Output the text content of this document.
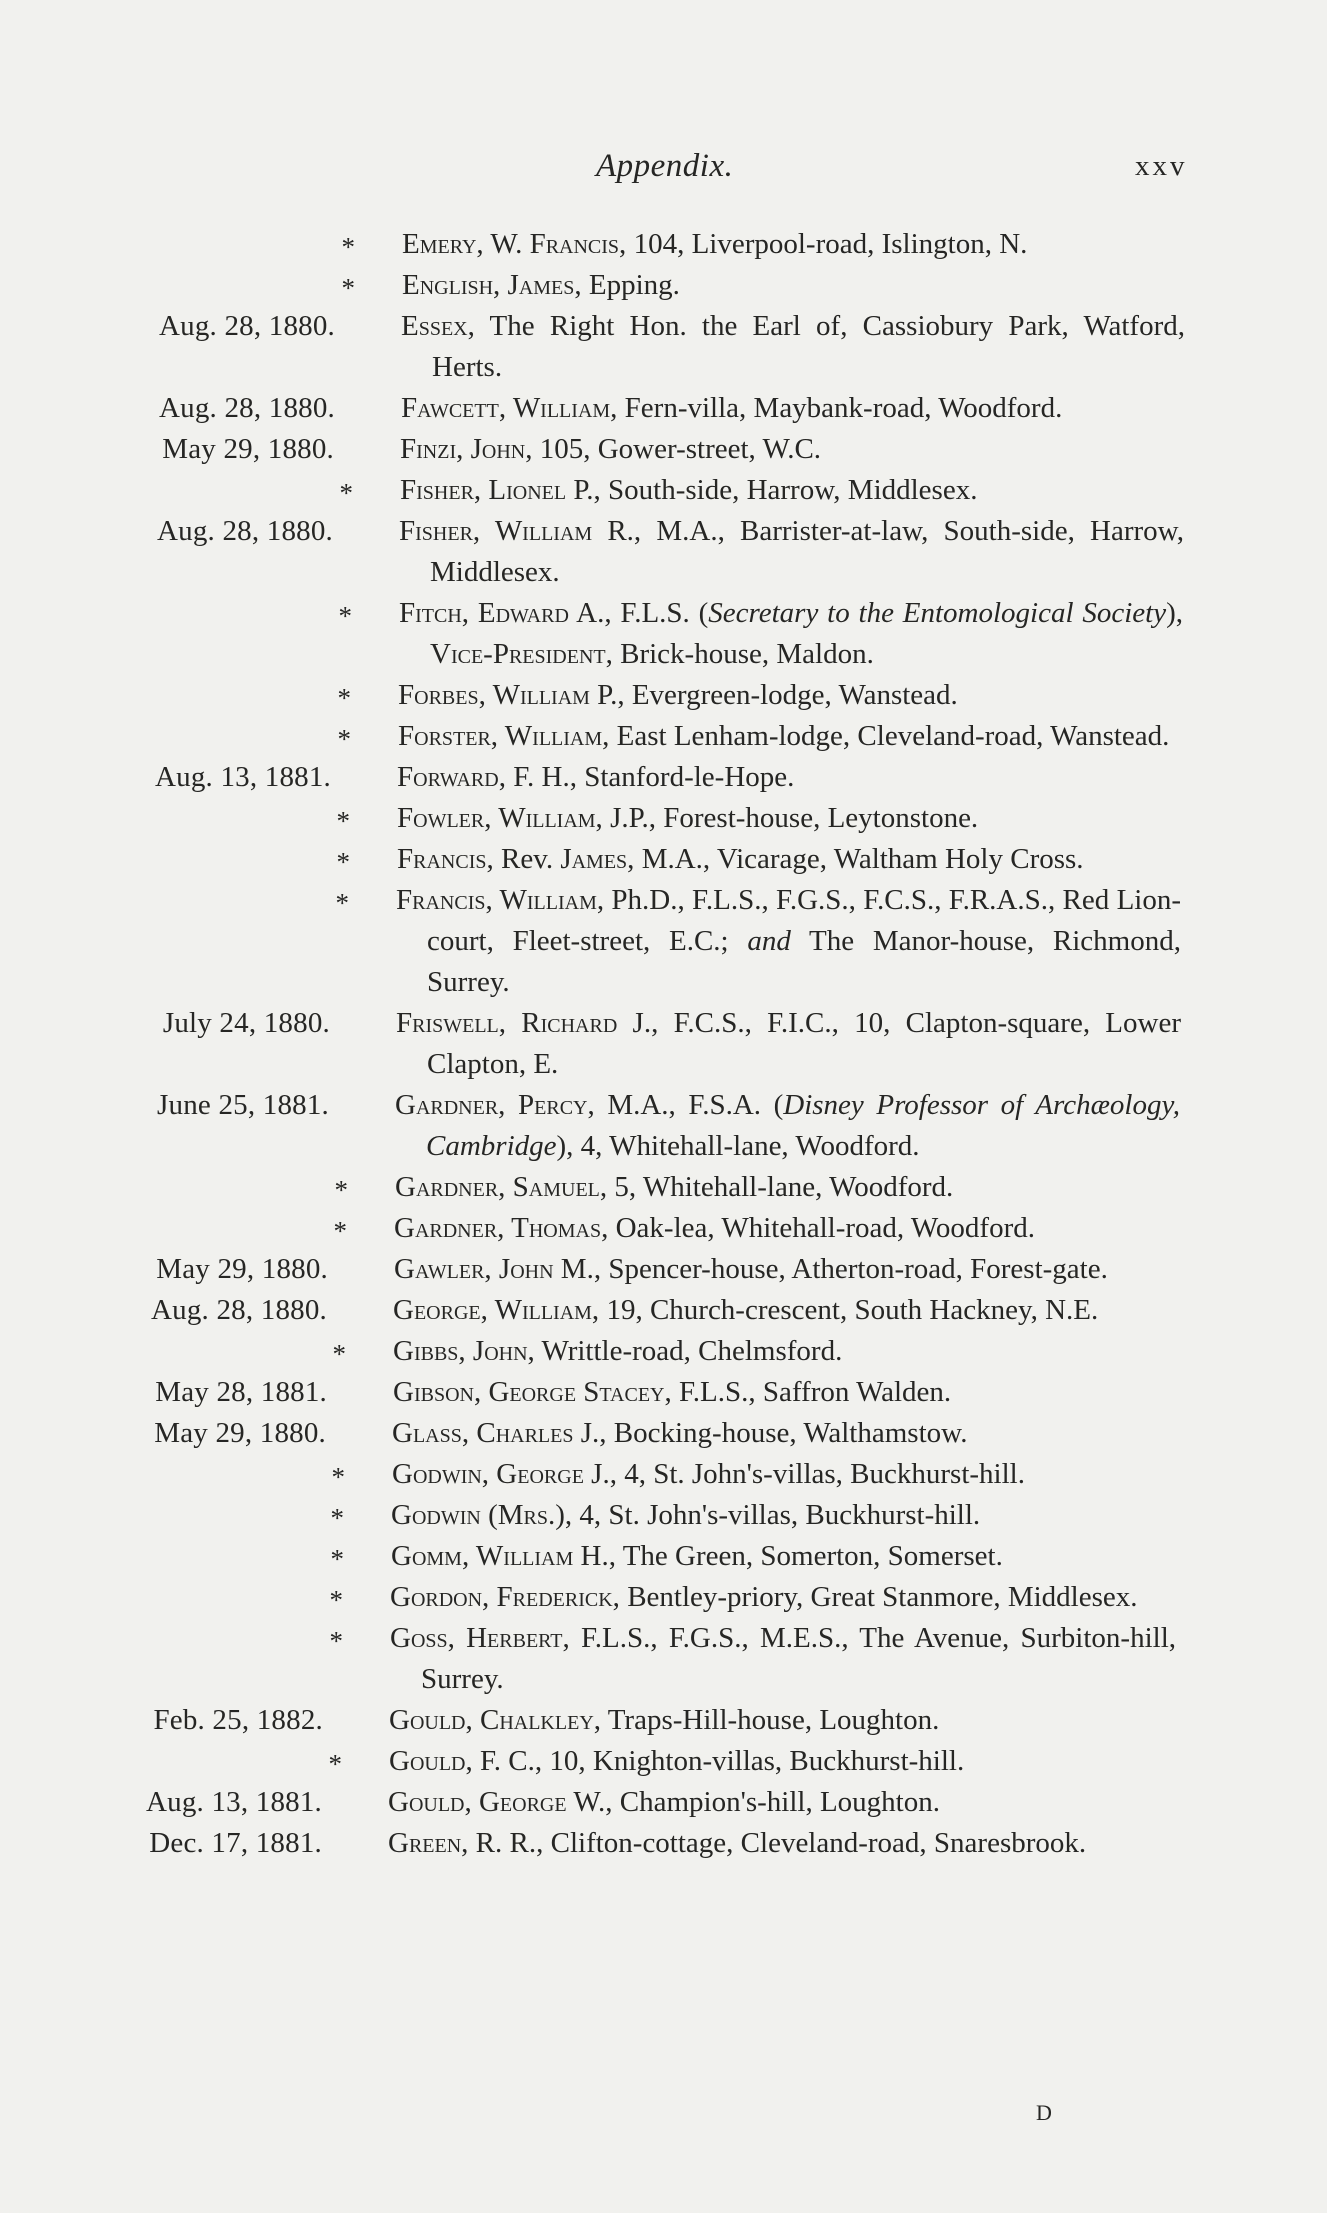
Appendix.	xxv
* Emery, W. Francis, 104, Liverpool-road, Islington, N.
* English, James, Epping.
Aug. 28, 1880. Essex, The Right Hon. the Earl of, Cassiobury Park, Watford, Herts.
Aug. 28, 1880. Fawcett, William, Fern-villa, Maybank-road, Woodford.
May 29, 1880. Finzi, John, 105, Gower-street, W.C.
* Fisher, Lionel P., South-side, Harrow, Middlesex.
Aug. 28, 1880. Fisher, William R., M.A., Barrister-at-law, South-side, Harrow, Middlesex.
* Fitch, Edward A., F.L.S. (Secretary to the Entomological Society), Vice-President, Brick-house, Maldon.
* Forbes, William P., Evergreen-lodge, Wanstead.
* Forster, William, East Lenham-lodge, Cleveland-road, Wanstead.
Aug. 13, 1881. Forward, F. H., Stanford-le-Hope.
* Fowler, William, J.P., Forest-house, Leytonstone.
* Francis, Rev. James, M.A., Vicarage, Waltham Holy Cross.
* Francis, William, Ph.D., F.L.S., F.G.S., F.C.S., F.R.A.S., Red Lion-court, Fleet-street, E.C.; and The Manor-house, Richmond, Surrey.
July 24, 1880. Friswell, Richard J., F.C.S., F.I.C., 10, Clapton-square, Lower Clapton, E.
June 25, 1881. Gardner, Percy, M.A., F.S.A. (Disney Professor of Archæology, Cambridge), 4, Whitehall-lane, Woodford.
* Gardner, Samuel, 5, Whitehall-lane, Woodford.
* Gardner, Thomas, Oak-lea, Whitehall-road, Woodford.
May 29, 1880. Gawler, John M., Spencer-house, Atherton-road, Forest-gate.
Aug. 28, 1880. George, William, 19, Church-crescent, South Hackney, N.E.
* Gibbs, John, Writtle-road, Chelmsford.
May 28, 1881. Gibson, George Stacey, F.L.S., Saffron Walden.
May 29, 1880. Glass, Charles J., Bocking-house, Walthamstow.
* Godwin, George J., 4, St. John's-villas, Buckhurst-hill.
* Godwin (Mrs.), 4, St. John's-villas, Buckhurst-hill.
* Gomm, William H., The Green, Somerton, Somerset.
* Gordon, Frederick, Bentley-priory, Great Stanmore, Middlesex.
* Goss, Herbert, F.L.S., F.G.S., M.E.S., The Avenue, Surbiton-hill, Surrey.
Feb. 25, 1882. Gould, Chalkley, Traps-Hill-house, Loughton.
* Gould, F. C., 10, Knighton-villas, Buckhurst-hill.
Aug. 13, 1881. Gould, George W., Champion's-hill, Loughton.
Dec. 17, 1881. Green, R. R., Clifton-cottage, Cleveland-road, Snaresbrook.
D
